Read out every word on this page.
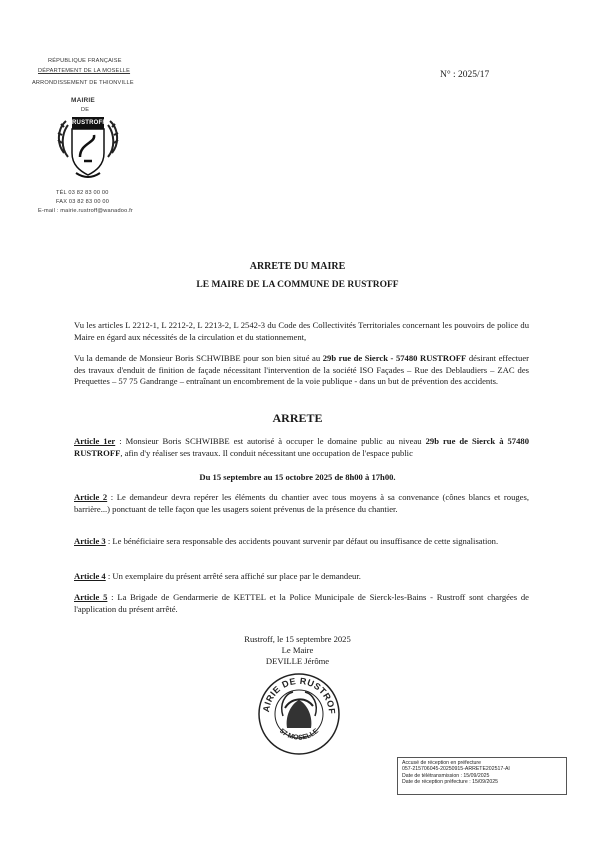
RÉPUBLIQUE FRANÇAISE
DÉPARTEMENT DE LA MOSELLE
ARRONDISSEMENT DE THIONVILLE
MAIRIE
DE
RUSTROFF
TÉL 03 82 83 00 00
FAX 03 82 83 00 00
E-mail : mairie.rustroff@wanadoo.fr
N° : 2025/17
ARRETE DU MAIRE
LE MAIRE DE LA COMMUNE DE RUSTROFF
Vu les articles L 2212-1, L 2212-2, L 2213-2, L 2542-3 du Code des Collectivités Territoriales concernant les pouvoirs de police du Maire en égard aux nécessités de la circulation et du stationnement,
Vu la demande de Monsieur Boris SCHWIBBE pour son bien situé au 29b rue de Sierck - 57480 RUSTROFF désirant effectuer des travaux d'enduit de finition de façade nécessitant l'intervention de la société ISO Façades – Rue des Deblaudiers – ZAC des Prequettes – 57 75 Gandrange – entraînant un encombrement de la voie publique - dans un but de prévention des accidents.
ARRETE
Article 1er : Monsieur Boris SCHWIBBE est autorisé à occuper le domaine public au niveau 29b rue de Sierck à 57480 RUSTROFF, afin d'y réaliser ses travaux. Il conduit nécessitant une occupation de l'espace public
Du 15 septembre au 15 octobre 2025 de 8h00 à 17h00.
Article 2 : Le demandeur devra repérer les éléments du chantier avec tous moyens à sa convenance (cônes blancs et rouges, barrière...) ponctuant de telle façon que les usagers soient prévenus de la présence du chantier.
Article 3 : Le bénéficiaire sera responsable des accidents pouvant survenir par défaut ou insuffisance de cette signalisation.
Article 4 : Un exemplaire du présent arrêté sera affiché sur place par le demandeur.
Article 5 : La Brigade de Gendarmerie de KETTEL et la Police Municipale de Sierck-les-Bains - Rustroff sont chargées de l'application du présent arrêté.
Rustroff, le 15 septembre 2025
Le Maire
DEVILLE Jérôme
AIRIE DE RUSTROF
57 MOSELLE
Accusé de réception en préfecture
057-215706045-20250915-ARRETE202517-AI
Date de télétransmission : 15/09/2025
Date de réception préfecture : 15/09/2025
